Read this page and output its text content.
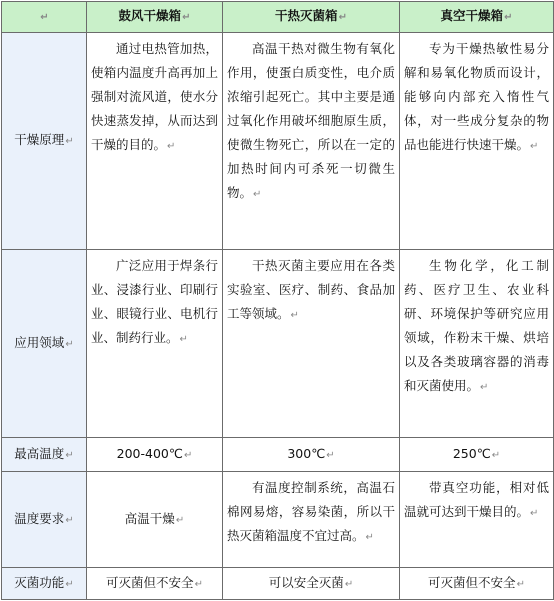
↵	鼓风干燥箱↵	干热灭菌箱↵	真空干燥箱↵
干燥原理↵	通过电热管加热，使箱内温度升高再加上强制对流风道，使水分快速蒸发掉，从而达到干燥的目的。↵	高温干热对微生物有氧化作用，使蛋白质变性，电介质浓缩引起死亡。其中主要是通过氧化作用破坏细胞原生质，使微生物死亡，所以在一定的加热时间内可杀死一切微生物。↵	专为干燥热敏性易分解和易氧化物质而设计，能够向内部充入惰性气体，对一些成分复杂的物品也能进行快速干燥。↵

应用领域↵	广泛应用于焊条行业、浸漆行业、印刷行业、眼镜行业、电机行业、制药行业。↵	干热灭菌主要应用在各类实验室、医疗、制药、食品加工等领域。↵	生物化学，化工制药、医疗卫生、农业科研、环境保护等研究应用领域，作粉末干燥、烘培以及各类玻璃容器的消毒和灭菌使用。↵

最高温度↵	200-400℃↵	300℃↵	250℃↵
温度要求↵	高温干燥↵	有温度控制系统，高温石棉网易熔，容易染菌，所以干热灭菌箱温度不宜过高。↵	带真空功能，相对低温就可达到干燥目的。↵

灭菌功能↵	可灭菌但不安全↵	可以安全灭菌↵	可灭菌但不安全↵
